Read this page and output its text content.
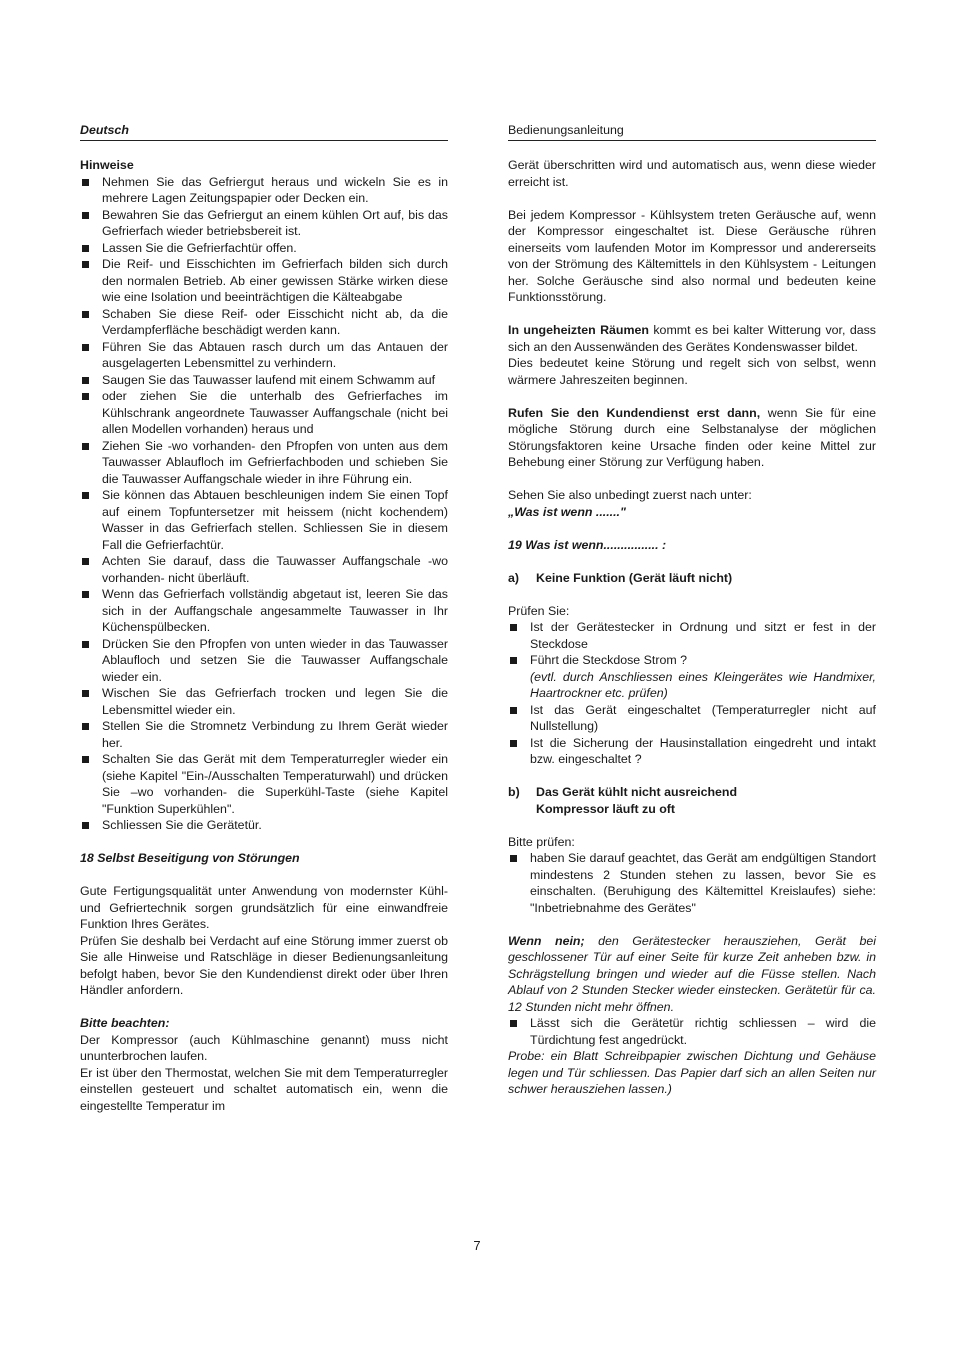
Deutsch
Hinweise
Nehmen Sie das Gefriergut heraus und wickeln Sie es in mehrere Lagen Zeitungspapier oder Decken ein.
Bewahren Sie das Gefriergut an einem kühlen Ort auf, bis das Gefrierfach wieder betriebsbereit ist.
Lassen Sie die Gefrierfachtür offen.
Die Reif- und Eisschichten im Gefrierfach bilden sich durch den normalen Betrieb. Ab einer gewissen Stärke wirken diese wie eine Isolation und beeinträchtigen die Kälteabgabe
Schaben Sie diese Reif- oder Eisschicht nicht ab, da die Verdampferfläche beschädigt werden kann.
Führen Sie das Abtauen rasch durch um das Antauen der ausgelagerten Lebensmittel zu verhindern.
Saugen Sie das Tauwasser laufend mit einem Schwamm auf
oder ziehen Sie die unterhalb des Gefrierfaches im Kühlschrank angeordnete Tauwasser Auffangschale (nicht bei allen Modellen vorhanden) heraus und
Ziehen Sie -wo vorhanden- den Pfropfen von unten aus dem Tauwasser Ablaufloch im Gefrierfachboden und schieben Sie die Tauwasser Auffangschale wieder in ihre Führung ein.
Sie können das Abtauen beschleunigen indem Sie einen Topf auf einem Topfuntersetzer mit heissem (nicht kochendem) Wasser in das Gefrierfach stellen. Schliessen Sie in diesem Fall die Gefrierfachtür.
Achten Sie darauf, dass die Tauwasser Auffangschale -wo vorhanden- nicht überläuft.
Wenn das Gefrierfach vollständig abgetaut ist, leeren Sie das sich in der Auffangschale angesammelte Tauwasser in Ihr Küchenspülbecken.
Drücken Sie den Pfropfen von unten wieder in das Tauwasser Ablaufloch und setzen Sie die Tauwasser Auffangschale wieder ein.
Wischen Sie das Gefrierfach trocken und legen Sie die Lebensmittel wieder ein.
Stellen Sie die Stromnetz Verbindung zu Ihrem Gerät wieder her.
Schalten Sie das Gerät mit dem Temperaturregler wieder ein (siehe Kapitel "Ein-/Ausschalten Temperaturwahl) und drücken Sie –wo vorhanden- die Superkühl-Taste (siehe Kapitel "Funktion Superkühlen".
Schliessen Sie die Gerätetür.
18 Selbst Beseitigung von Störungen

Gute Fertigungsqualität unter Anwendung von modernster Kühl- und Gefriertechnik sorgen grundsätzlich für eine einwandfreie Funktion Ihres Gerätes.

Prüfen Sie deshalb bei Verdacht auf eine Störung immer zuerst ob Sie alle Hinweise und Ratschläge in dieser Bedienungsanleitung befolgt haben, bevor Sie den Kundendienst direkt oder über Ihren Händler anfordern.

Bitte beachten:

Der Kompressor (auch Kühlmaschine genannt) muss nicht ununterbrochen laufen.

Er ist über den Thermostat, welchen Sie mit dem Temperaturregler einstellen gesteuert und schaltet automatisch ein, wenn die eingestellte Temperatur im

Bedienungsanleitung

Gerät überschritten wird und automatisch aus, wenn diese wieder erreicht ist.

Bei jedem Kompressor - Kühlsystem treten Geräusche auf, wenn der Kompressor eingeschaltet ist. Diese Geräusche rühren einerseits vom laufenden Motor im Kompressor und andererseits von der Strömung des Kältemittels in den Kühlsystem - Leitungen her. Solche Geräusche sind also normal und bedeuten keine Funktionsstörung.

In ungeheizten Räumen kommt es bei kalter Witterung vor, dass sich an den Aussenwänden des Gerätes Kondenswasser bildet.

Dies bedeutet keine Störung und regelt sich von selbst, wenn wärmere Jahreszeiten beginnen.

Rufen Sie den Kundendienst erst dann, wenn Sie für eine mögliche Störung durch eine Selbstanalyse der möglichen Störungsfaktoren keine Ursache finden oder keine Mittel zur Behebung einer Störung zur Verfügung haben.

Sehen Sie also unbedingt zuerst nach unter:

„Was ist wenn ......."

19 Was ist wenn................ :
a) Keine Funktion (Gerät läuft nicht)

Prüfen Sie:

Ist der Gerätestecker in Ordnung und sitzt er fest in der Steckdose
Führt die Steckdose Strom ?
(evtl. durch Anschliessen eines Kleingerätes wie Handmixer, Haartrockner etc. prüfen)
Ist das Gerät eingeschaltet (Temperaturregler nicht auf Nullstellung)
Ist die Sicherung der Hausinstallation eingedreht und intakt bzw. eingeschaltet ?
b) Das Gerät kühlt nicht ausreichend
Kompressor läuft zu oft

Bitte prüfen:

haben Sie darauf geachtet, das Gerät am endgültigen Standort mindestens 2 Stunden stehen zu lassen, bevor Sie es einschalten. (Beruhigung des Kältemittel Kreislaufes) siehe: "Inbetriebnahme des Gerätes"

Wenn nein; den Gerätestecker herausziehen, Gerät bei geschlossener Tür auf einer Seite für kurze Zeit anheben bzw. in Schrägstellung bringen und wieder auf die Füsse stellen. Nach Ablauf von 2 Stunden Stecker wieder einstecken. Gerätetür für ca. 12 Stunden nicht mehr öffnen.

Lässt sich die Gerätetür richtig schliessen – wird die Türdichtung fest angedrückt.

Probe: ein Blatt Schreibpapier zwischen Dichtung und Gehäuse legen und Tür schliessen. Das Papier darf sich an allen Seiten nur schwer herausziehen lassen.)

7
